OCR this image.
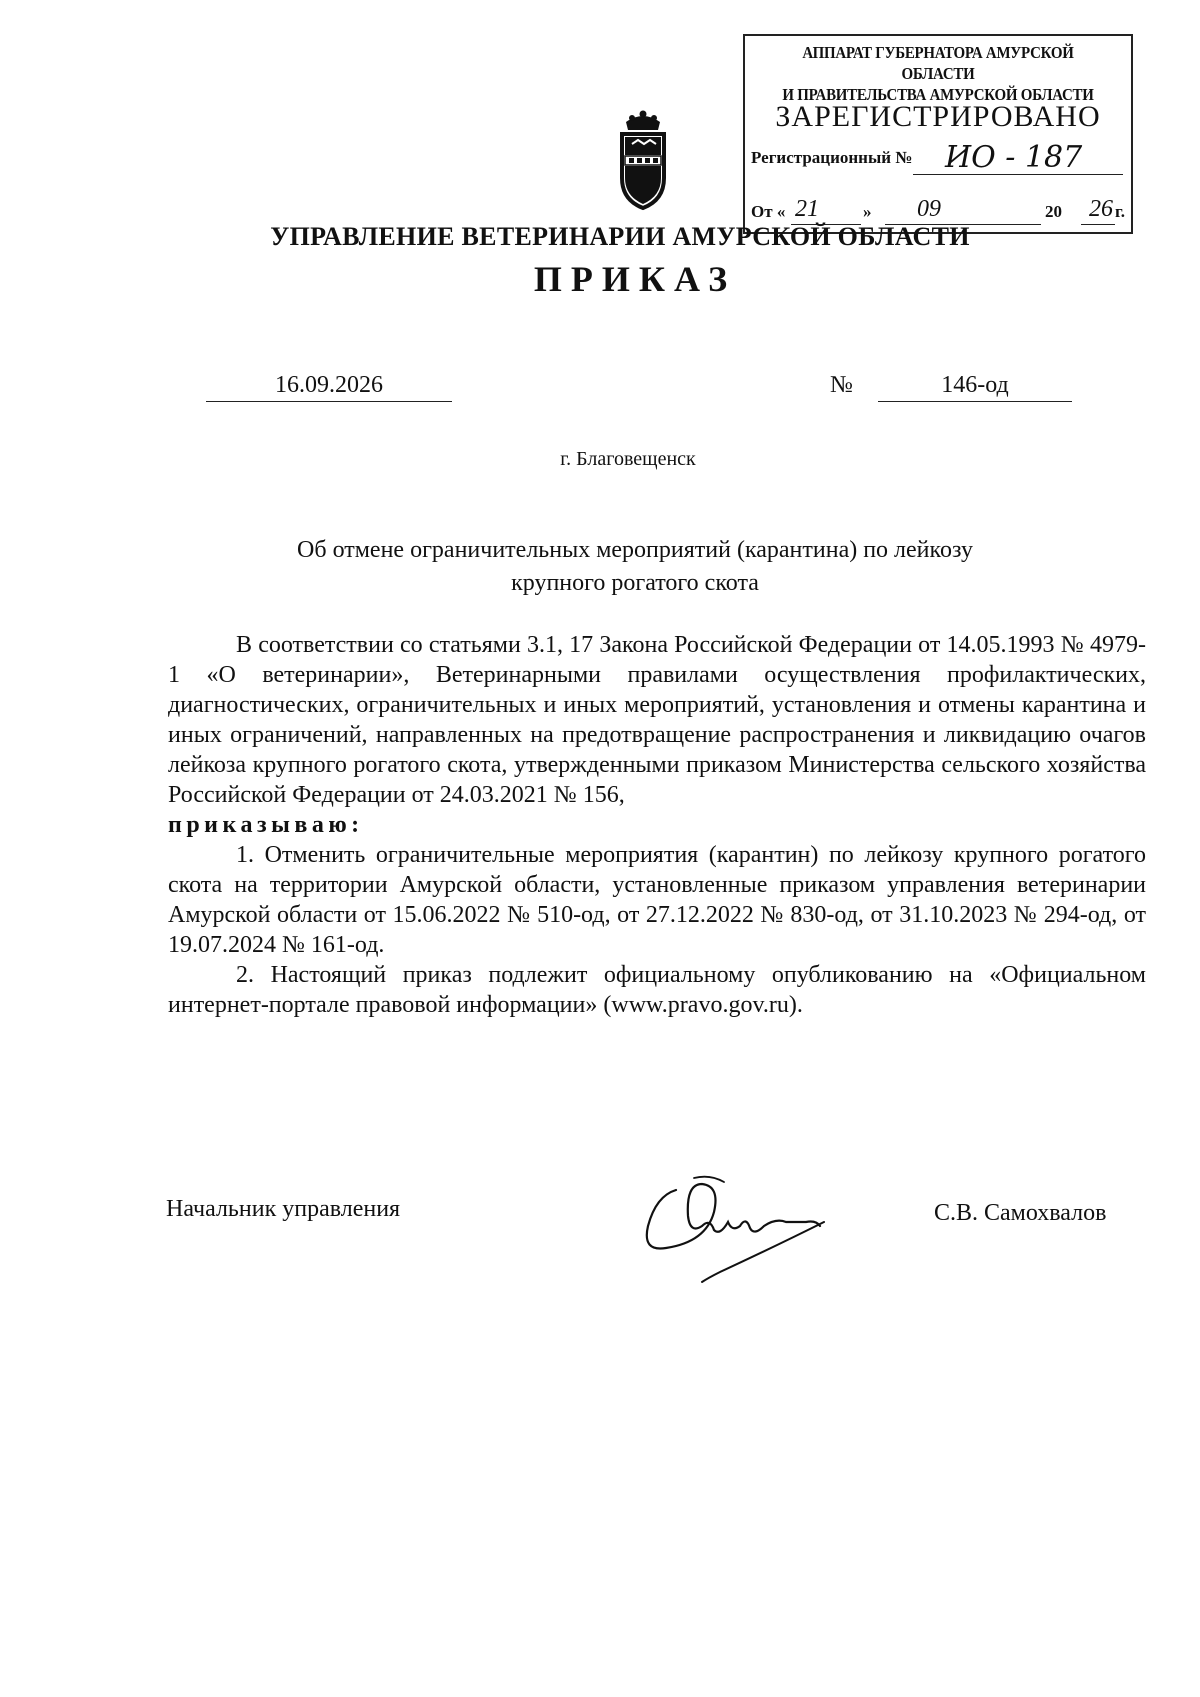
АППАРАТ ГУБЕРНАТОРА АМУРСКОЙ ОБЛАСТИ
И ПРАВИТЕЛЬСТВА АМУРСКОЙ ОБЛАСТИ
ЗАРЕГИСТРИРОВАНО
Регистрационный № ИО - 187
От « 21	» 09	20 26 г.
УПРАВЛЕНИЕ ВЕТЕРИНАРИИ АМУРСКОЙ ОБЛАСТИ
ПРИКАЗ
16.09.2026	№	146-од
г. Благовещенск
Об отмене ограничительных мероприятий (карантина) по лейкозу
крупного рогатого скота

В соответствии со статьями 3.1, 17 Закона Российской Федерации от 14.05.1993 № 4979-1 «О ветеринарии», Ветеринарными правилами осуществления профилактических, диагностических, ограничительных и иных мероприятий, установления и отмены карантина и иных ограничений, направленных на предотвращение распространения и ликвидацию очагов лейкоза крупного рогатого скота, утвержденными приказом Министерства сельского хозяйства Российской Федерации от 24.03.2021 № 156,

приказываю:

1. Отменить ограничительные мероприятия (карантин) по лейкозу крупного рогатого скота на территории Амурской области, установленные приказом управления ветеринарии Амурской области от 15.06.2022 № 510-од, от 27.12.2022 № 830-од, от 31.10.2023 № 294-од, от 19.07.2024 № 161-од.

2. Настоящий приказ подлежит официальному опубликованию на «Официальном интернет-портале правовой информации» (www.pravo.gov.ru).

Начальник управления	С.В. Самохвалов
